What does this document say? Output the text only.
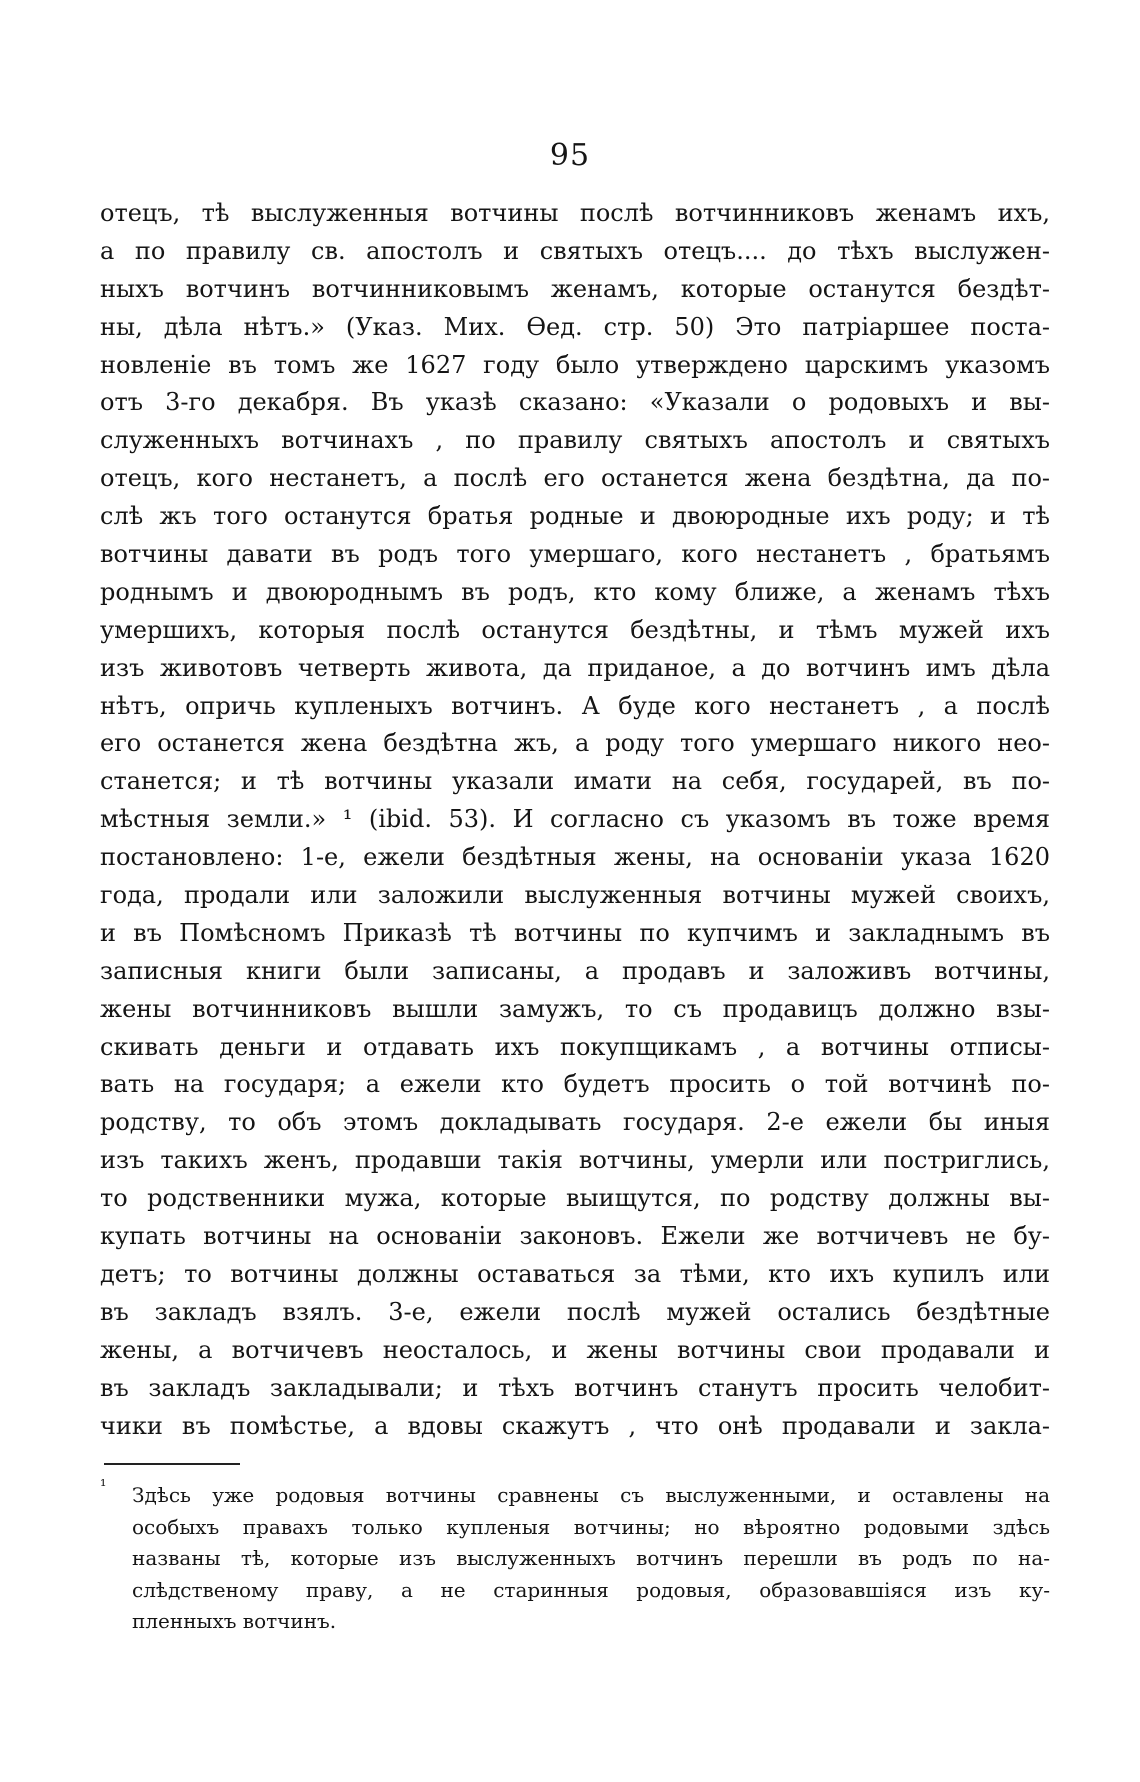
95
отецъ, тѣ выслуженныя вотчины послѣ вотчинниковъ женамъ ихъ,
а по правилу св. апостолъ и святыхъ отецъ.... до тѣхъ выслужен-
ныхъ вотчинъ вотчинниковымъ женамъ, которые останутся бездѣт-
ны, дѣла нѣтъ.» (Указ. Мих. Ѳед. стр. 50) Это патріаршее поста-
новленіе въ томъ же 1627 году было утверждено царскимъ указомъ
отъ 3-го декабря. Въ указѣ сказано: «Указали о родовыхъ и вы-
служенныхъ вотчинахъ , по правилу святыхъ апостолъ и святыхъ
отецъ, кого нестанетъ, а послѣ его останется жена бездѣтна, да по-
слѣ жъ того останутся братья родные и двоюродные ихъ роду; и тѣ
вотчины давати въ родъ того умершаго, кого нестанетъ , братьямъ
роднымъ и двоюроднымъ въ родъ, кто кому ближе, а женамъ тѣхъ
умершихъ, которыя послѣ останутся бездѣтны, и тѣмъ мужей ихъ
изъ животовъ четверть живота, да приданое, а до вотчинъ имъ дѣла
нѣтъ, опричь купленыхъ вотчинъ. А буде кого нестанетъ , а послѣ
его останется жена бездѣтна жъ, а роду того умершаго никого нео-
станется; и тѣ вотчины указали имати на себя, государей, въ по-
мѣстныя земли.» ¹ (ibid. 53). И согласно съ указомъ въ тоже время
постановлено: 1-е, ежели бездѣтныя жены, на основаніи указа 1620
года, продали или заложили выслуженныя вотчины мужей своихъ,
и въ Помѣсномъ Приказѣ тѣ вотчины по купчимъ и закладнымъ въ
записныя книги были записаны, а продавъ и заложивъ вотчины,
жены вотчинниковъ вышли замужъ, то съ продавицъ должно взы-
скивать деньги и отдавать ихъ покупщикамъ , а вотчины отписы-
вать на государя; а ежели кто будетъ просить о той вотчинѣ по-
родству, то объ этомъ докладывать государя. 2-е ежели бы иныя
изъ такихъ женъ, продавши такія вотчины, умерли или постриглись,
то родственники мужа, которые выищутся, по родству должны вы-
купать вотчины на основаніи законовъ. Ежели же вотчичевъ не бу-
детъ; то вотчины должны оставаться за тѣми, кто ихъ купилъ или
въ закладъ взялъ. 3-е, ежели послѣ мужей остались бездѣтные
жены, а вотчичевъ неосталось, и жены вотчины свои продавали и
въ закладъ закладывали; и тѣхъ вотчинъ станутъ просить челобит-
чики въ помѣстье, а вдовы скажутъ , что онѣ продавали и закла-
¹	Здѣсь уже родовыя вотчины сравнены съ выслуженными, и оставлены на
особыхъ правахъ только купленыя вотчины; но вѣроятно родовыми здѣсь
названы тѣ, которые изъ выслуженныхъ вотчинъ перешли въ родъ по на-
слѣдственому праву, а не старинныя родовыя, образовавшіяся изъ ку-
пленныхъ вотчинъ.
